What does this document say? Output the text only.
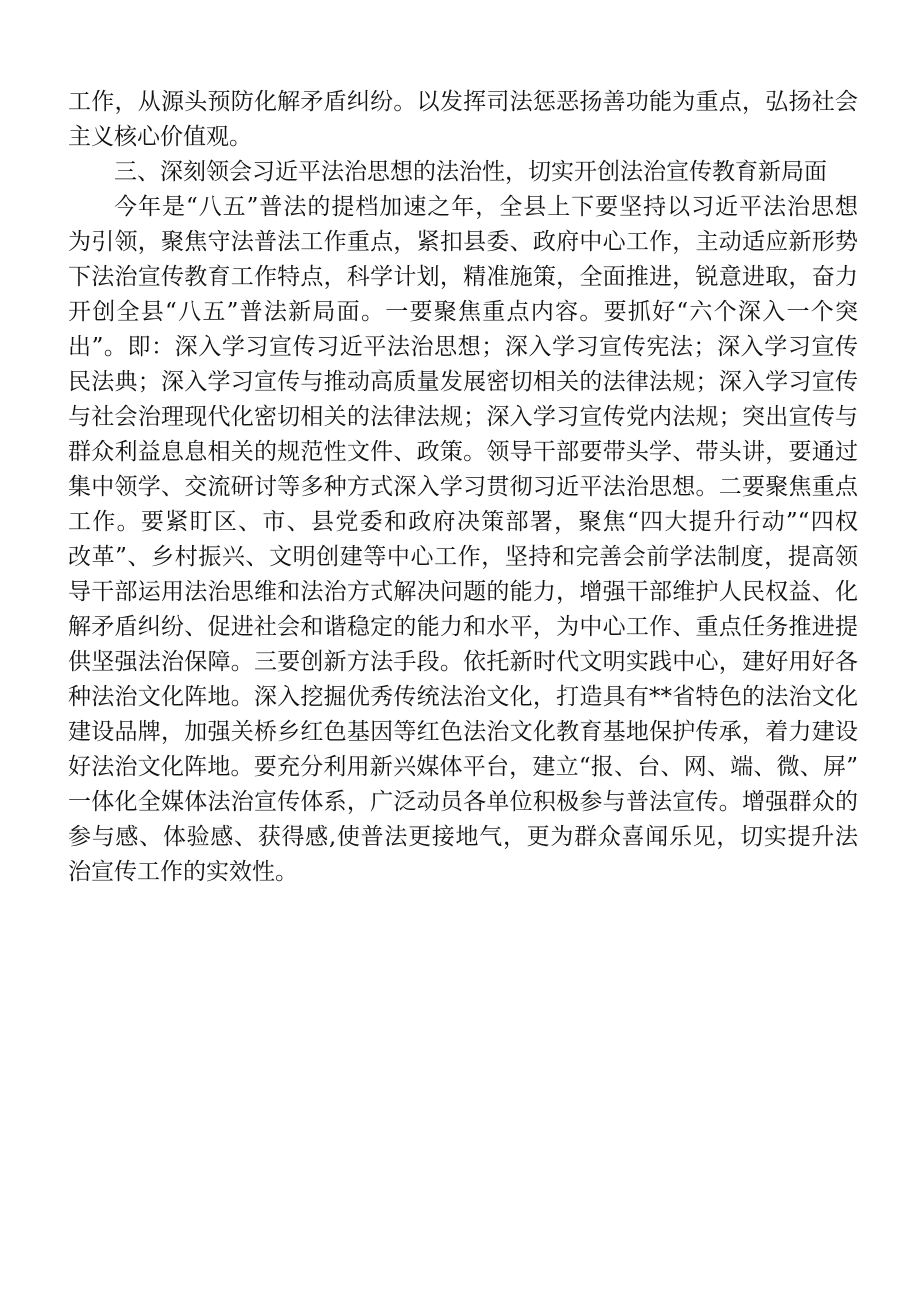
工作，从源头预防化解矛盾纠纷。以发挥司法惩恶扬善功能为重点，弘扬社会
主义核心价值观。
三、深刻领会习近平法治思想的法治性，切实开创法治宣传教育新局面
今年是“八五”普法的提档加速之年，全县上下要坚持以习近平法治思想
为引领，聚焦守法普法工作重点，紧扣县委、政府中心工作，主动适应新形势
下法治宣传教育工作特点，科学计划，精准施策，全面推进，锐意进取，奋力
开创全县“八五”普法新局面。一要聚焦重点内容。要抓好“六个深入一个突
出”。即：深入学习宣传习近平法治思想；深入学习宣传宪法；深入学习宣传
民法典；深入学习宣传与推动高质量发展密切相关的法律法规；深入学习宣传
与社会治理现代化密切相关的法律法规；深入学习宣传党内法规；突出宣传与
群众利益息息相关的规范性文件、政策。领导干部要带头学、带头讲，要通过
集中领学、交流研讨等多种方式深入学习贯彻习近平法治思想。二要聚焦重点
工作。要紧盯区、市、县党委和政府决策部署，聚焦“四大提升行动”“四权
改革”、乡村振兴、文明创建等中心工作，坚持和完善会前学法制度，提高领
导干部运用法治思维和法治方式解决问题的能力，增强干部维护人民权益、化
解矛盾纠纷、促进社会和谐稳定的能力和水平，为中心工作、重点任务推进提
供坚强法治保障。三要创新方法手段。依托新时代文明实践中心，建好用好各
种法治文化阵地。深入挖掘优秀传统法治文化，打造具有**省特色的法治文化
建设品牌，加强关桥乡红色基因等红色法治文化教育基地保护传承，着力建设
好法治文化阵地。要充分利用新兴媒体平台，建立“报、台、网、端、微、屏”
一体化全媒体法治宣传体系，广泛动员各单位积极参与普法宣传。增强群众的
参与感、体验感、获得感,使普法更接地气，更为群众喜闻乐见，切实提升法
治宣传工作的实效性。
